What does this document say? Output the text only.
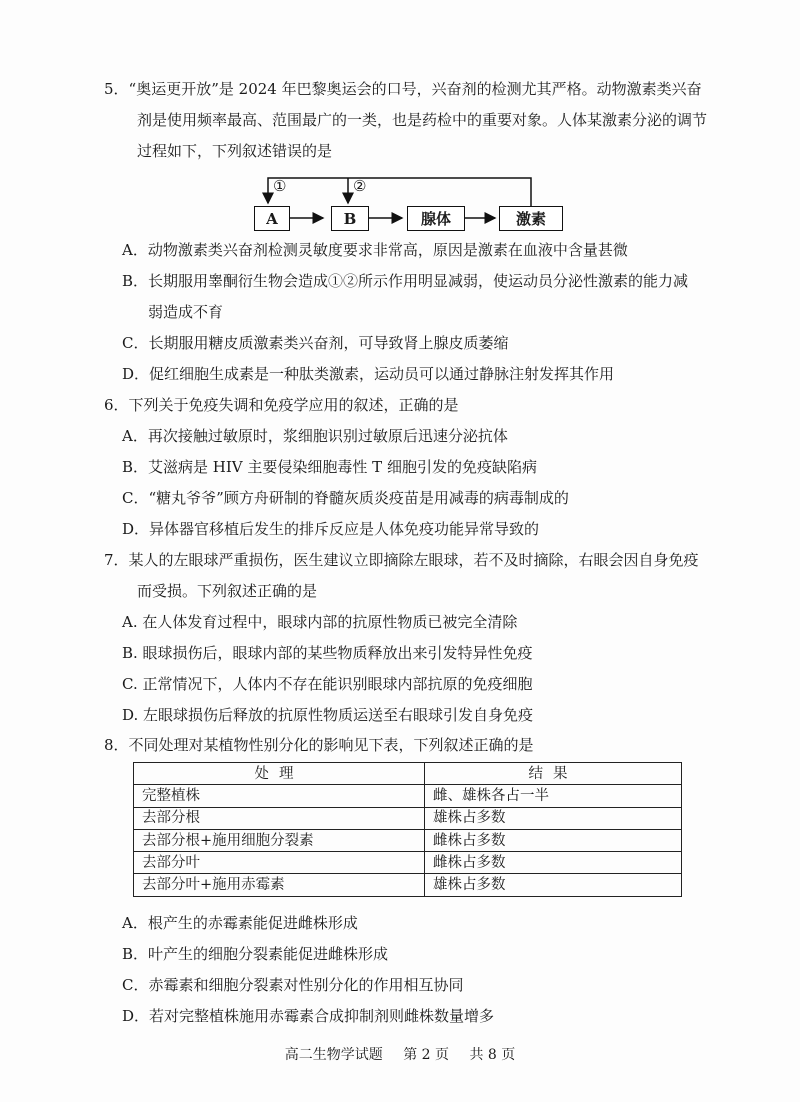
5．“奥运更开放”是 2024 年巴黎奥运会的口号，兴奋剂的检测尤其严格。动物激素类兴奋
剂是使用频率最高、范围最广的一类，也是药检中的重要对象。人体某激素分泌的调节
过程如下，下列叙述错误的是
①	②
A	B	腺体	激素
A．动物激素类兴奋剂检测灵敏度要求非常高，原因是激素在血液中含量甚微
B．长期服用睾酮衍生物会造成①②所示作用明显减弱，使运动员分泌性激素的能力减
弱造成不育
C．长期服用糖皮质激素类兴奋剂，可导致肾上腺皮质萎缩
D．促红细胞生成素是一种肽类激素，运动员可以通过静脉注射发挥其作用
6．下列关于免疫失调和免疫学应用的叙述，正确的是
A．再次接触过敏原时，浆细胞识别过敏原后迅速分泌抗体
B．艾滋病是 HIV 主要侵染细胞毒性 T 细胞引发的免疫缺陷病
C．“糖丸爷爷”顾方舟研制的脊髓灰质炎疫苗是用减毒的病毒制成的
D．异体器官移植后发生的排斥反应是人体免疫功能异常导致的
7．某人的左眼球严重损伤，医生建议立即摘除左眼球，若不及时摘除，右眼会因自身免疫
而受损。下列叙述正确的是
A. 在人体发育过程中，眼球内部的抗原性物质已被完全清除
B. 眼球损伤后，眼球内部的某些物质释放出来引发特异性免疫
C. 正常情况下，人体内不存在能识别眼球内部抗原的免疫细胞
D. 左眼球损伤后释放的抗原性物质运送至右眼球引发自身免疫
8．不同处理对某植物性别分化的影响见下表，下列叙述正确的是
处理	结果
完整植株	雌、雄株各占一半
去部分根	雄株占多数
去部分根+施用细胞分裂素	雌株占多数
去部分叶	雌株占多数
去部分叶+施用赤霉素	雄株占多数
A．根产生的赤霉素能促进雌株形成
B．叶产生的细胞分裂素能促进雌株形成
C．赤霉素和细胞分裂素对性别分化的作用相互协同
D．若对完整植株施用赤霉素合成抑制剂则雌株数量增多
高二生物学试题 第 2 页 共 8 页
